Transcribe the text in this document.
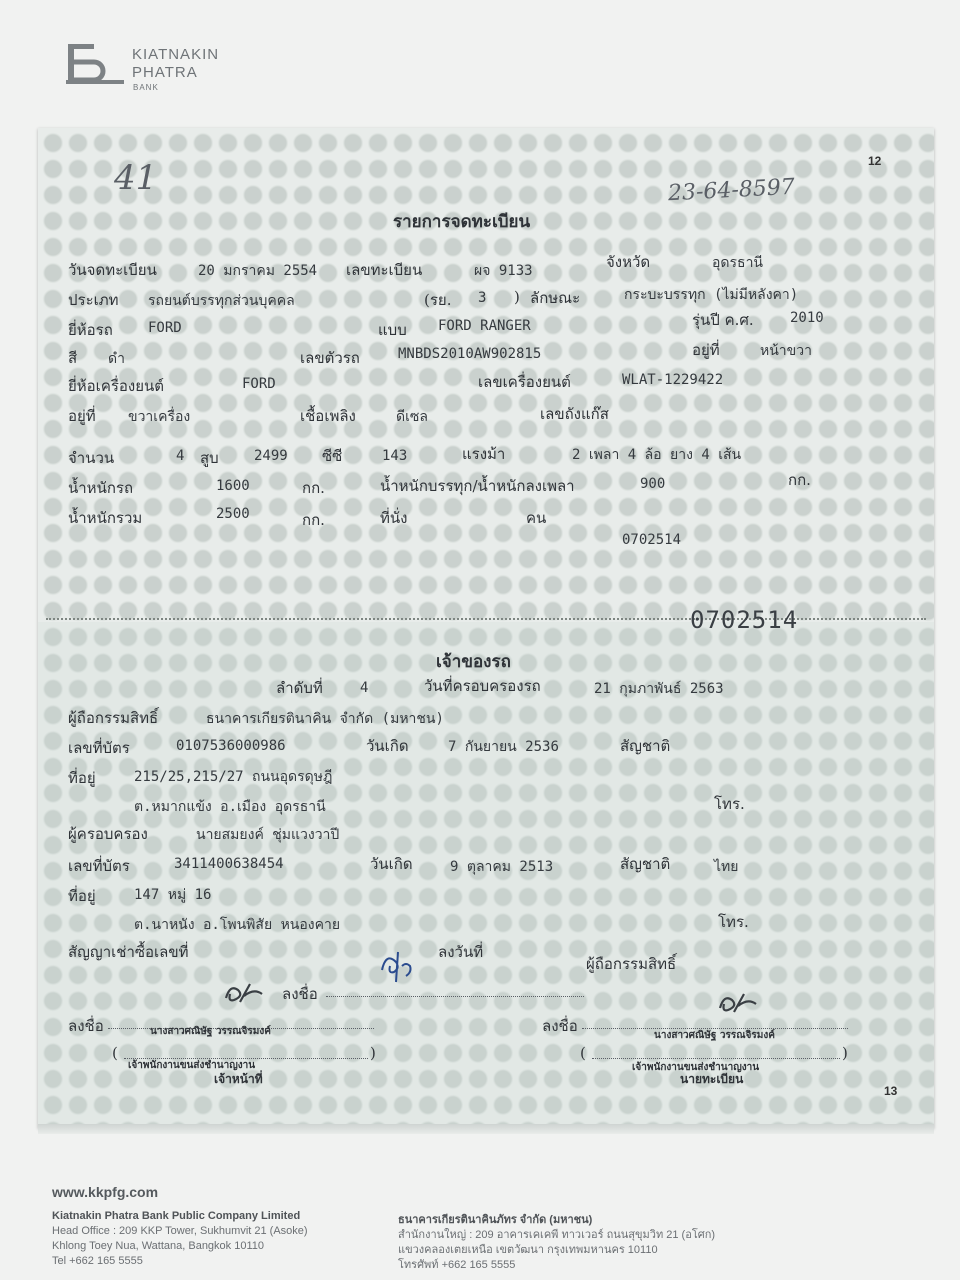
KIATNAKIN
PHATRA
BANK
12
41	23-64-8597
รายการจดทะเบียน
วันจดทะเบียน	20 มกราคม 2554 เลขทะเบียน	ผจ 9133	จังหวัด	อุดรธานี
ประเภท รถยนต์บรรทุกส่วนบุคคล	(รย. 3 ) ลักษณะ	กระบะบรรทุก (ไม่มีหลังคา)
ยี่ห้อรถ	FORD	แบบ FORD RANGER	รุ่นปี ค.ศ.	2010
สี ดำ	เลขตัวรถ	MNBDS2010AW902815	อยู่ที่	หน้าขวา
ยี่ห้อเครื่องยนต์	FORD	เลขเครื่องยนต์	WLAT-1229422
อยู่ที่ ขวาเครื่อง	เชื้อเพลิง	ดีเซล	เลขถังแก๊ส
จำนวน	4 สูบ	2499 ซีซี	143	แรงม้า	2 เพลา 4 ล้อ ยาง 4 เส้น
น้ำหนักรถ	1600	กก.	น้ำหนักบรรทุก/น้ำหนักลงเพลา	900	กก.
น้ำหนักรวม	2500	กก.	ที่นั่ง	คน
0702514
0702514
เจ้าของรถ
ลำดับที่	4	วันที่ครอบครองรถ	21 กุมภาพันธ์ 2563
ผู้ถือกรรมสิทธิ์	ธนาคารเกียรตินาคิน จำกัด (มหาชน)
เลขที่บัตร	0107536000986	วันเกิด	7 กันยายน 2536	สัญชาติ
ที่อยู่	215/25,215/27 ถนนอุดรดุษฎี
ต.หมากแข้ง อ.เมือง อุดรธานี	โทร.
ผู้ครอบครอง	นายสมยงค์ ชุ่มแวงวาปี
เลขที่บัตร	3411400638454	วันเกิด	9 ตุลาคม 2513	สัญชาติ	ไทย
ที่อยู่	147 หมู่ 16
ต.นาหนัง อ.โพนพิสัย หนองคาย	โทร.
สัญญาเช่าซื้อเลขที่	ลงวันที่
ลงชื่อ
ผู้ถือกรรมสิทธิ์
ลงชื่อ	นางสาวศณิษัฐ วรรณจิรมงค์
(	)
เจ้าพนักงานขนส่งชำนาญงาน
เจ้าหน้าที่
ลงชื่อ
นางสาวศณิษัฐ วรรณจิรมงค์
(	)
เจ้าพนักงานขนส่งชำนาญงาน
นายทะเบียน
13
www.kkpfg.com
Kiatnakin Phatra Bank Public Company Limited
Head Office : 209 KKP Tower, Sukhumvit 21 (Asoke)
Khlong Toey Nua, Wattana, Bangkok 10110
Tel +662 165 5555
ธนาคารเกียรตินาคินภัทร จำกัด (มหาชน)
สำนักงานใหญ่ : 209 อาคารเคเคพี ทาวเวอร์ ถนนสุขุมวิท 21 (อโศก)
แขวงคลองเตยเหนือ เขตวัฒนา กรุงเทพมหานคร 10110
โทรศัพท์ +662 165 5555
